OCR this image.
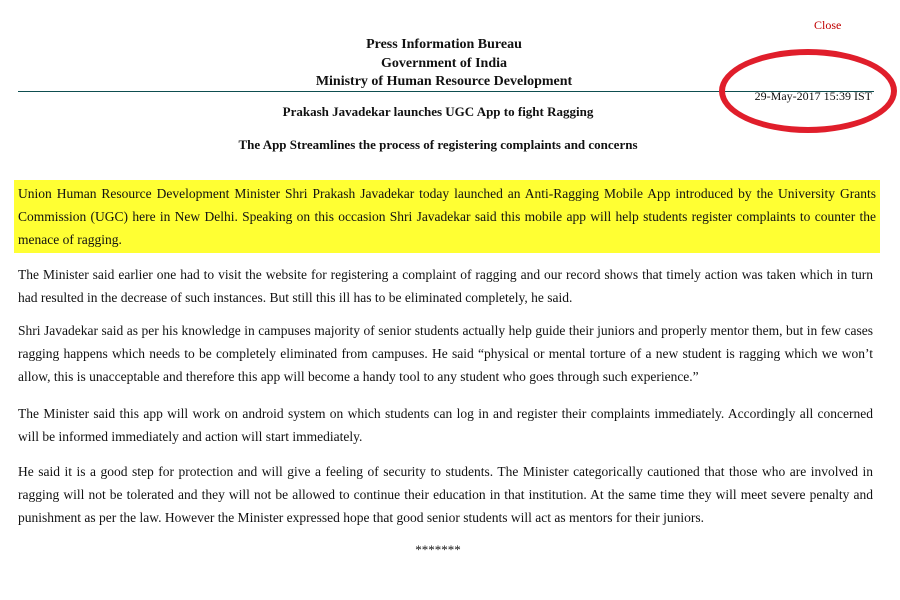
Close
Press Information Bureau
Government of India
Ministry of Human Resource Development
29-May-2017 15:39 IST
Prakash Javadekar launches UGC App to fight Ragging
The App Streamlines the process of registering complaints and concerns

Union Human Resource Development Minister Shri Prakash Javadekar today launched an Anti-Ragging Mobile App introduced by the University Grants Commission (UGC) here in New Delhi. Speaking on this occasion Shri Javadekar said this mobile app will help students register complaints to counter the menace of ragging.

The Minister said earlier one had to visit the website for registering a complaint of ragging and our record shows that timely action was taken which in turn had resulted in the decrease of such instances. But still this ill has to be eliminated completely, he said.

Shri Javadekar said as per his knowledge in campuses majority of senior students actually help guide their juniors and properly mentor them, but in few cases ragging happens which needs to be completely eliminated from campuses. He said “physical or mental torture of a new student is ragging which we won’t allow, this is unacceptable and therefore this app will become a handy tool to any student who goes through such experience.”

The Minister said this app will work on android system on which students can log in and register their complaints immediately. Accordingly all concerned will be informed immediately and action will start immediately.

He said it is a good step for protection and will give a feeling of security to students. The Minister categorically cautioned that those who are involved in ragging will not be tolerated and they will not be allowed to continue their education in that institution. At the same time they will meet severe penalty and punishment as per the law. However the Minister expressed hope that good senior students will act as mentors for their juniors.

*******
